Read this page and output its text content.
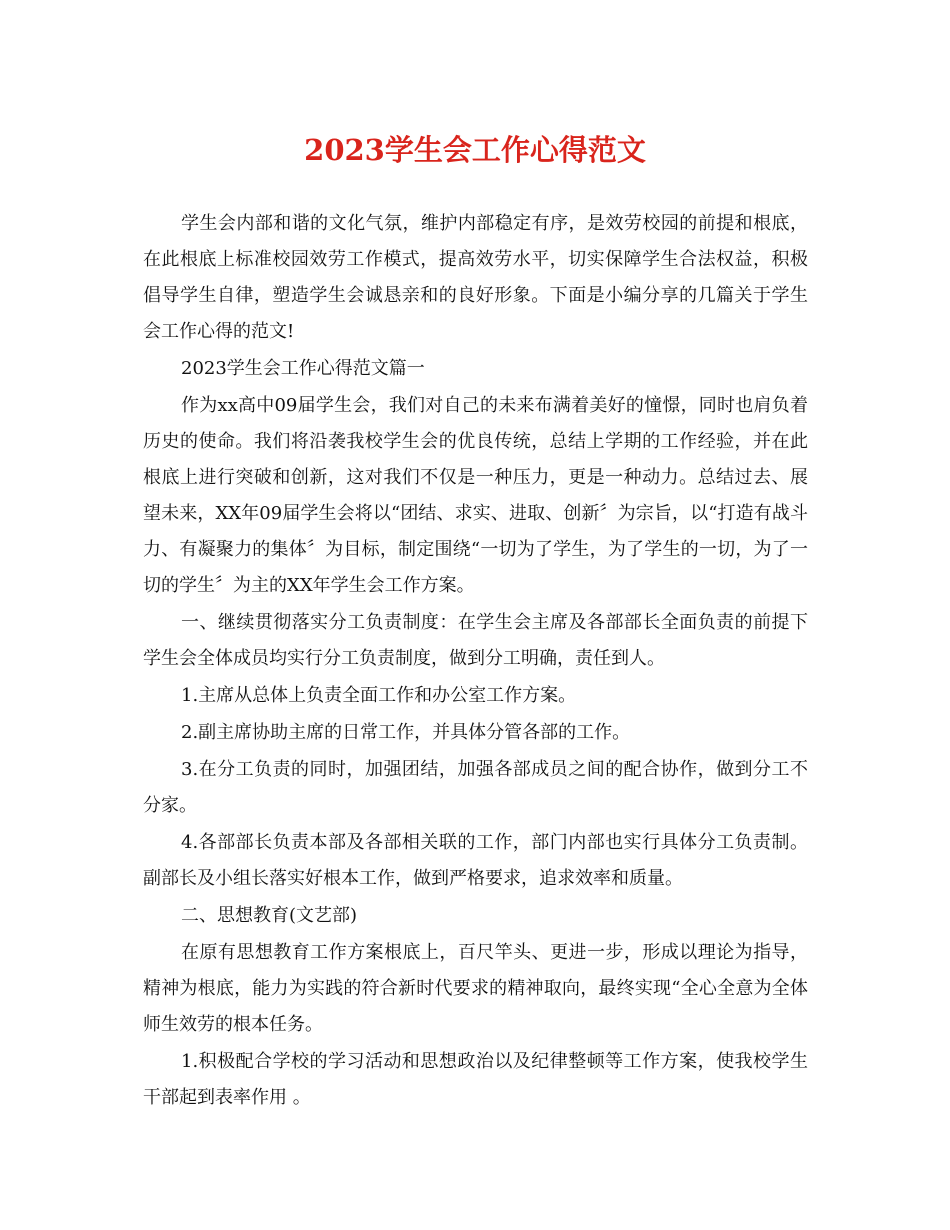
2023学生会工作心得范文

学生会内部和谐的文化气氛，维护内部稳定有序，是效劳校园的前提和根底，在此根底上标准校园效劳工作模式，提高效劳水平，切实保障学生合法权益，积极倡导学生自律，塑造学生会诚恳亲和的良好形象。下面是小编分享的几篇关于学生会工作心得的范文!

2023学生会工作心得范文篇一

作为xx高中09届学生会，我们对自己的未来布满着美好的憧憬，同时也肩负着历史的使命。我们将沿袭我校学生会的优良传统，总结上学期的工作经验，并在此根底上进行突破和创新，这对我们不仅是一种压力，更是一种动力。总结过去、展望未来，XX年09届学生会将以“团结、求实、进取、创新〞为宗旨，以“打造有战斗力、有凝聚力的集体〞为目标，制定围绕“一切为了学生，为了学生的一切，为了一切的学生〞为主的XX年学生会工作方案。

一、继续贯彻落实分工负责制度：在学生会主席及各部部长全面负责的前提下学生会全体成员均实行分工负责制度，做到分工明确，责任到人。

1.主席从总体上负责全面工作和办公室工作方案。

2.副主席协助主席的日常工作，并具体分管各部的工作。

3.在分工负责的同时，加强团结，加强各部成员之间的配合协作，做到分工不分家。

4.各部部长负责本部及各部相关联的工作，部门内部也实行具体分工负责制。副部长及小组长落实好根本工作，做到严格要求，追求效率和质量。

二、思想教育(文艺部)

在原有思想教育工作方案根底上，百尺竿头、更进一步，形成以理论为指导，精神为根底，能力为实践的符合新时代要求的精神取向，最终实现“全心全意为全体师生效劳的根本任务。

1.积极配合学校的学习活动和思想政治以及纪律整顿等工作方案，使我校学生干部起到表率作用 。
